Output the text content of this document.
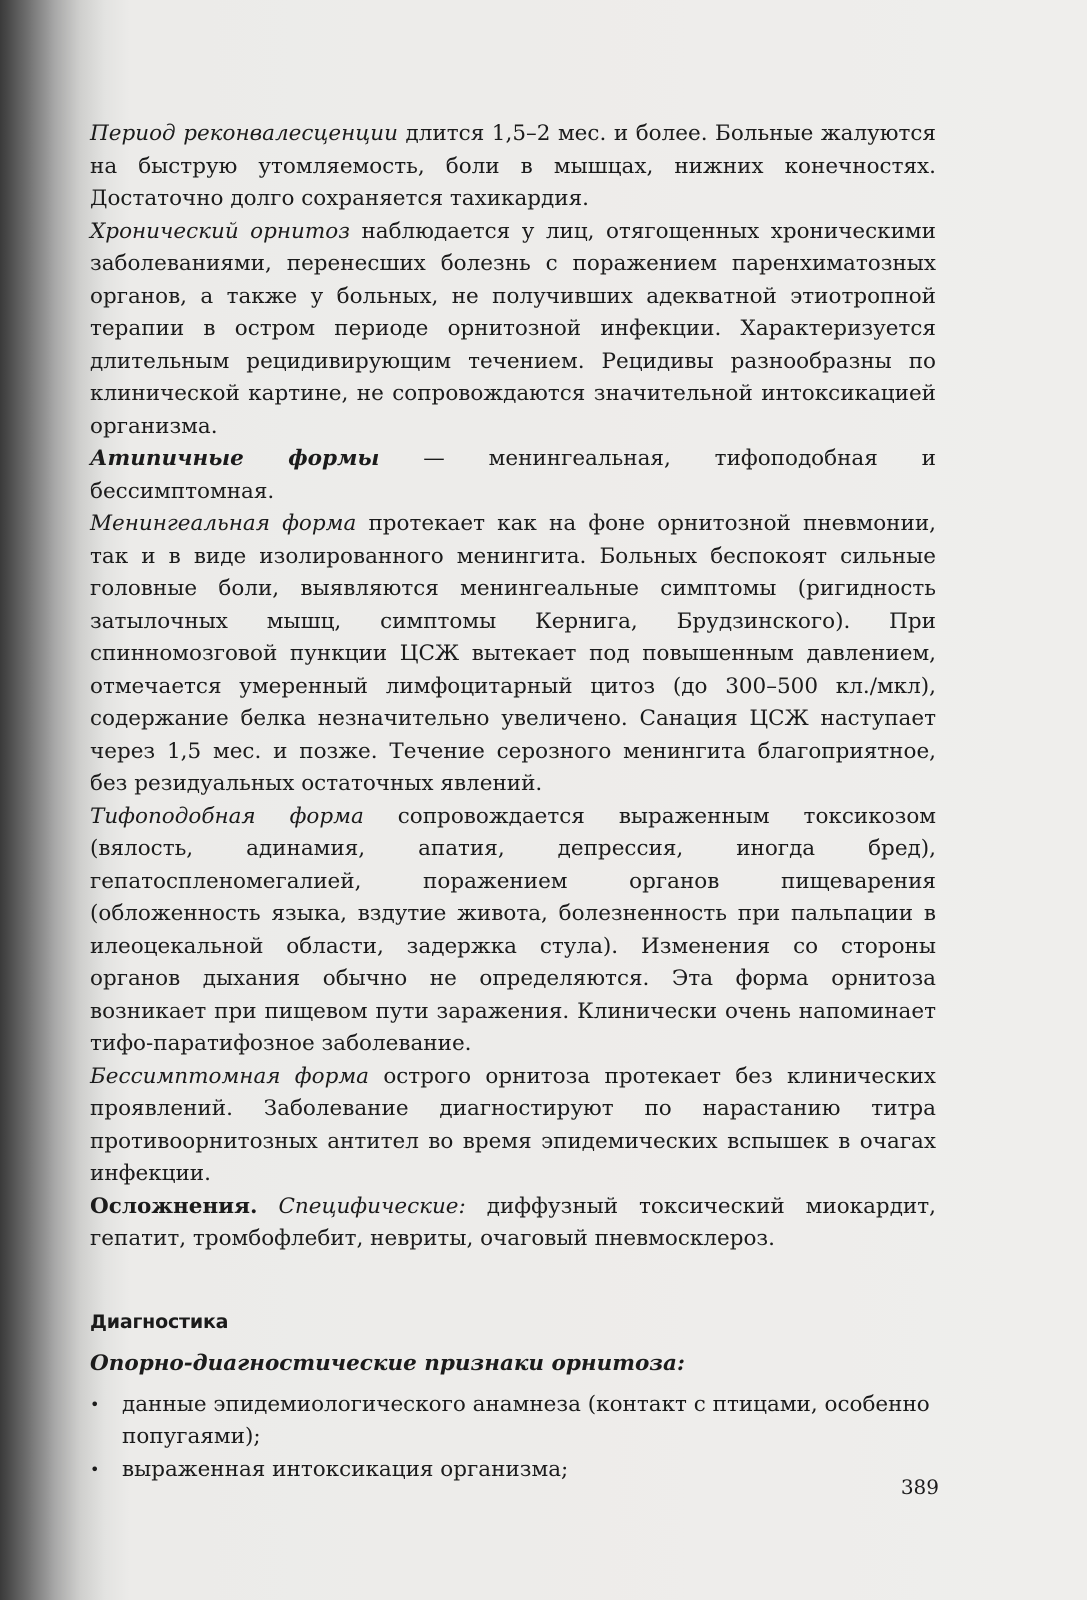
Период реконвалесценции длится 1,5–2 мес. и более. Больные жалуются на быструю утомляемость, боли в мышцах, нижних конечностях. Достаточно долго сохраняется тахикардия.

Хронический орнитоз наблюдается у лиц, отягощенных хроническими заболеваниями, перенесших болезнь с поражением паренхиматозных органов, а также у больных, не получивших адекватной этиотропной терапии в остром периоде орнитозной инфекции. Характеризуется длительным рецидивирующим течением. Рецидивы разнообразны по клинической картине, не сопровождаются значительной интоксикацией организма.

Атипичные формы — менингеальная, тифоподобная и бессимптомная.

Менингеальная форма протекает как на фоне орнитозной пневмонии, так и в виде изолированного менингита. Больных беспокоят сильные головные боли, выявляются менингеальные симптомы (ригидность затылочных мышц, симптомы Кернига, Брудзинского). При спинномозговой пункции ЦСЖ вытекает под повышенным давлением, отмечается умеренный лимфоцитарный цитоз (до 300–500 кл./мкл), содержание белка незначительно увеличено. Санация ЦСЖ наступает через 1,5 мес. и позже. Течение серозного менингита благоприятное, без резидуальных остаточных явлений.

Тифоподобная форма сопровождается выраженным токсикозом (вялость, адинамия, апатия, депрессия, иногда бред), гепатоспленомегалией, поражением органов пищеварения (обложенность языка, вздутие живота, болезненность при пальпации в илеоцекальной области, задержка стула). Изменения со стороны органов дыхания обычно не определяются. Эта форма орнитоза возникает при пищевом пути заражения. Клинически очень напоминает тифо-паратифозное заболевание.

Бессимптомная форма острого орнитоза протекает без клинических проявлений. Заболевание диагностируют по нарастанию титра противоорнитозных антител во время эпидемических вспышек в очагах инфекции.

Осложнения. Специфические: диффузный токсический миокардит, гепатит, тромбофлебит, невриты, очаговый пневмосклероз.

Диагностика

Опорно-диагностические признаки орнитоза:

• данные эпидемиологического анамнеза (контакт с птицами, особенно попугаями);
• выраженная интоксикация организма;
389
